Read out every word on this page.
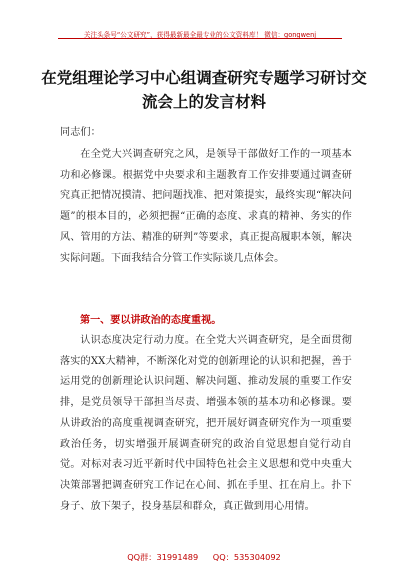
关注头条号“公文研究”，获得最新最全最专业的公文资料库！ 微信：gongwenj
在党组理论学习中心组调查研究专题学习研讨交流会上的发言材料

同志们：

在全党大兴调查研究之风，是领导干部做好工作的一项基本功和必修课。根据党中央要求和主题教育工作安排要通过调查研究真正把情况摸清、把问题找准、把对策提实，最终实现“解决问题”的根本目的，必须把握“正确的态度、求真的精神、务实的作风、管用的方法、精准的研判”等要求，真正提高履职本领，解决实际问题。下面我结合分管工作实际谈几点体会。

第一、要以讲政治的态度重视。

认识态度决定行动力度。在全党大兴调查研究，是全面贯彻落实的XX大精神，不断深化对党的创新理论的认识和把握，善于运用党的创新理论认识问题、解决问题、推动发展的重要工作安排，是党员领导干部担当尽责、增强本领的基本功和必修课。要从讲政治的高度重视调查研究，把开展好调查研究作为一项重要政治任务，切实增强开展调查研究的政治自觉思想自觉行动自觉。对标对表习近平新时代中国特色社会主义思想和党中央重大决策部署把调查研究工作记在心间、抓在手里、扛在肩上。扑下身子、放下架子，投身基层和群众，真正做到用心用情。

QQ群：31991489 QQ：535304092
